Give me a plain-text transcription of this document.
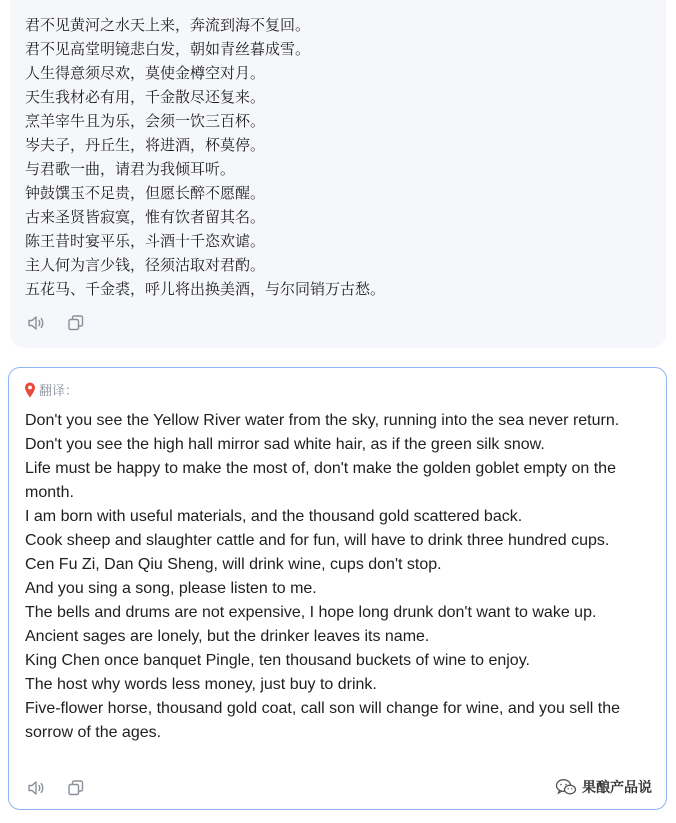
君不见黄河之水天上来，奔流到海不复回。
君不见高堂明镜悲白发，朝如青丝暮成雪。
人生得意须尽欢，莫使金樽空对月。
天生我材必有用，千金散尽还复来。
烹羊宰牛且为乐，会须一饮三百杯。
岑夫子，丹丘生，将进酒，杯莫停。
与君歌一曲，请君为我倾耳听。
钟鼓馔玉不足贵，但愿长醉不愿醒。
古来圣贤皆寂寞，惟有饮者留其名。
陈王昔时宴平乐，斗酒十千恣欢谑。
主人何为言少钱，径须沽取对君酌。
五花马、千金裘，呼儿将出换美酒，与尔同销万古愁。
翻译：
Don't you see the Yellow River water from the sky, running into the sea never return.
Don't you see the high hall mirror sad white hair, as if the green silk snow.
Life must be happy to make the most of, don't make the golden goblet empty on the month.
I am born with useful materials, and the thousand gold scattered back.
Cook sheep and slaughter cattle and for fun, will have to drink three hundred cups.
Cen Fu Zi, Dan Qiu Sheng, will drink wine, cups don't stop.
And you sing a song, please listen to me.
The bells and drums are not expensive, I hope long drunk don't want to wake up.
Ancient sages are lonely, but the drinker leaves its name.
King Chen once banquet Pingle, ten thousand buckets of wine to enjoy.
The host why words less money, just buy to drink.
Five-flower horse, thousand gold coat, call son will change for wine, and you sell the sorrow of the ages.
果酿产品说
